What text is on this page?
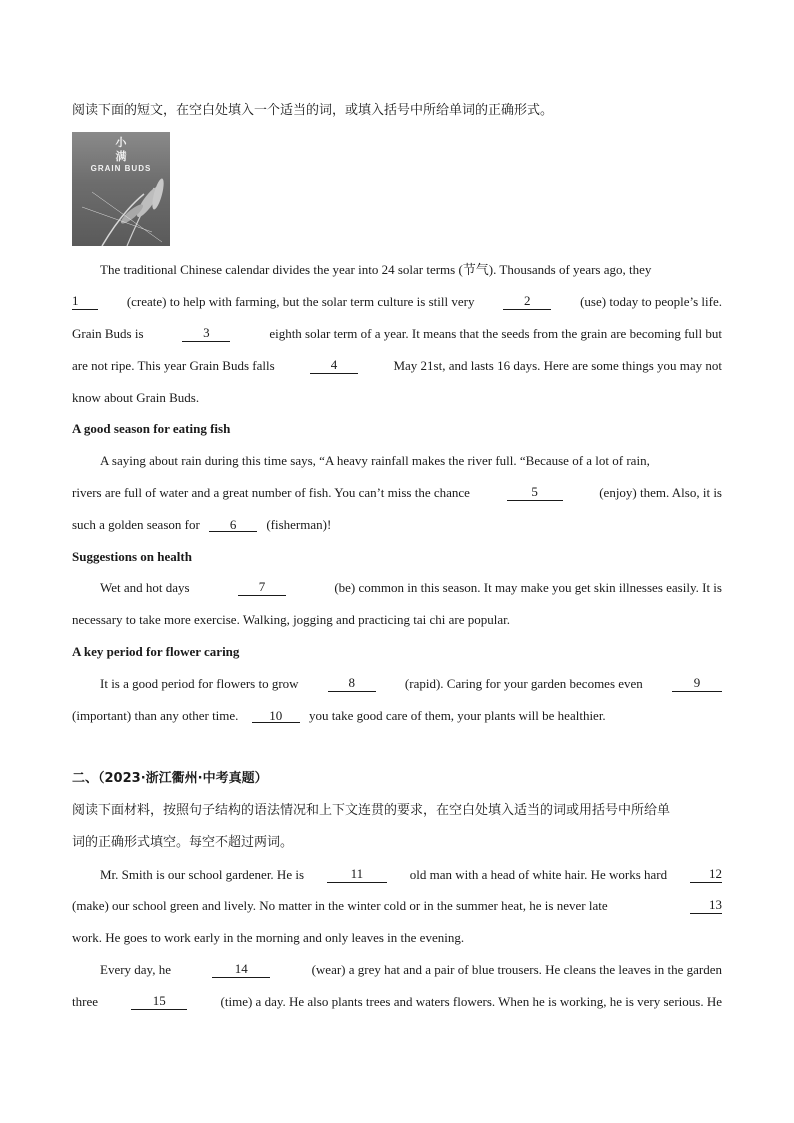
阅读下面的短文，在空白处填入一个适当的词，或填入括号中所给单词的正确形式。
小
满
GRAIN BUDS
The traditional Chinese calendar divides the year into 24 solar terms (节气). Thousands of years ago, they
1	(create) to help with farming, but the solar term culture is still very	2	(use) today to people’s life.
Grain Buds is	3	eighth solar term of a year. It means that the seeds from the grain are becoming full but
are not ripe. This year Grain Buds falls	4	May 21st, and lasts 16 days. Here are some things you may not
know about Grain Buds.
A good season for eating fish
A saying about rain during this time says, “A heavy rainfall makes the river full. “Because of a lot of rain,
rivers are full of water and a great number of fish. You can’t miss the chance	5	(enjoy) them. Also, it is
such a golden season for 6 (fisherman)!
Suggestions on health
Wet and hot days	7	(be) common in this season. It may make you get skin illnesses easily. It is
necessary to take more exercise. Walking, jogging and practicing tai chi are popular.
A key period for flower caring
It is a good period for flowers to grow	8	(rapid). Caring for your garden becomes even	9
(important) than any other time. 10 you take good care of them, your plants will be healthier.
二、（2023·浙江衢州·中考真题）
阅读下面材料，按照句子结构的语法情况和上下文连贯的要求，在空白处填入适当的词或用括号中所给单
词的正确形式填空。每空不超过两词。
Mr. Smith is our school gardener. He is	11	old man with a head of white hair. He works hard	12
(make) our school green and lively. No matter in the winter cold or in the summer heat, he is never late	13
work. He goes to work early in the morning and only leaves in the evening.
Every day, he	14	(wear) a grey hat and a pair of blue trousers. He cleans the leaves in the garden
three	15	(time) a day. He also plants trees and waters flowers. When he is working, he is very serious. He
